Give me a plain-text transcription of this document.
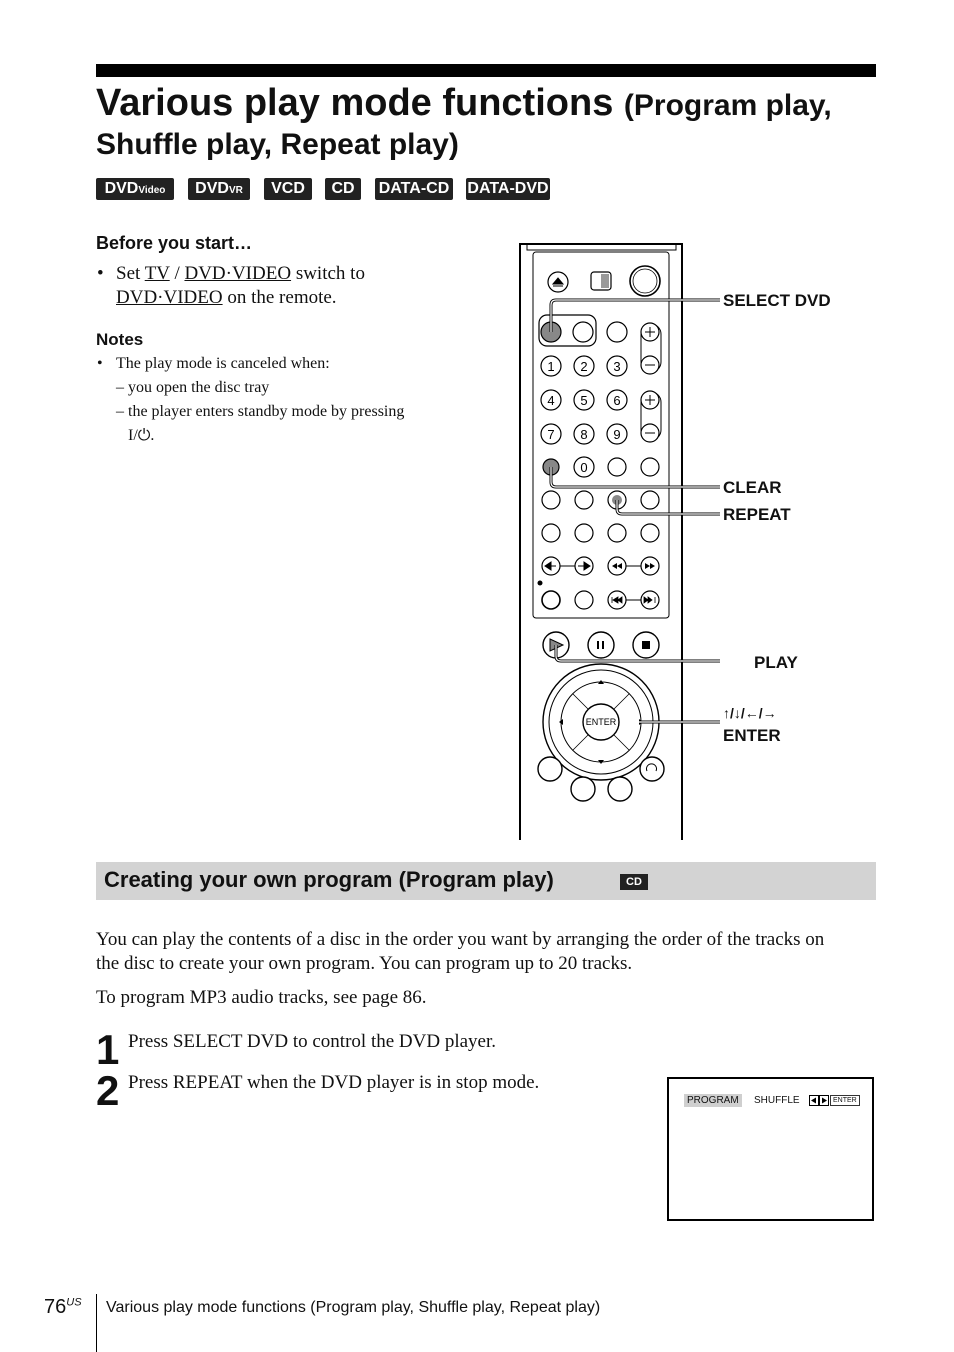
Various play mode functions (Program play,
Shuffle play, Repeat play)
DVDVideo	DVDVR	VCD	CD	DATA-CD DATA-DVD
Before you start…
• Set TV / DVD·VIDEO switch to
DVD·VIDEO on the remote.
Notes
• The play mode is canceled when:
– you open the disc tray
– the player enters standby mode by pressing
I/⏻.
1 2 3
4 5 6
7 8 9
0
ENTER
SELECT DVD
CLEAR
REPEAT
PLAY
↑/↓/←/→
ENTER
Creating your own program (Program play)	CD
You can play the contents of a disc in the order you want by arranging the order of the tracks on
the disc to create your own program. You can program up to 20 tracks.
To program MP3 audio tracks, see page 86.
1 Press SELECT DVD to control the DVD player.
2 Press REPEAT when the DVD player is in stop mode.
PROGRAM	SHUFFLE	ENTER
$76^{US}$ Various play mode functions (Program play, Shuffle play, Repeat play)
